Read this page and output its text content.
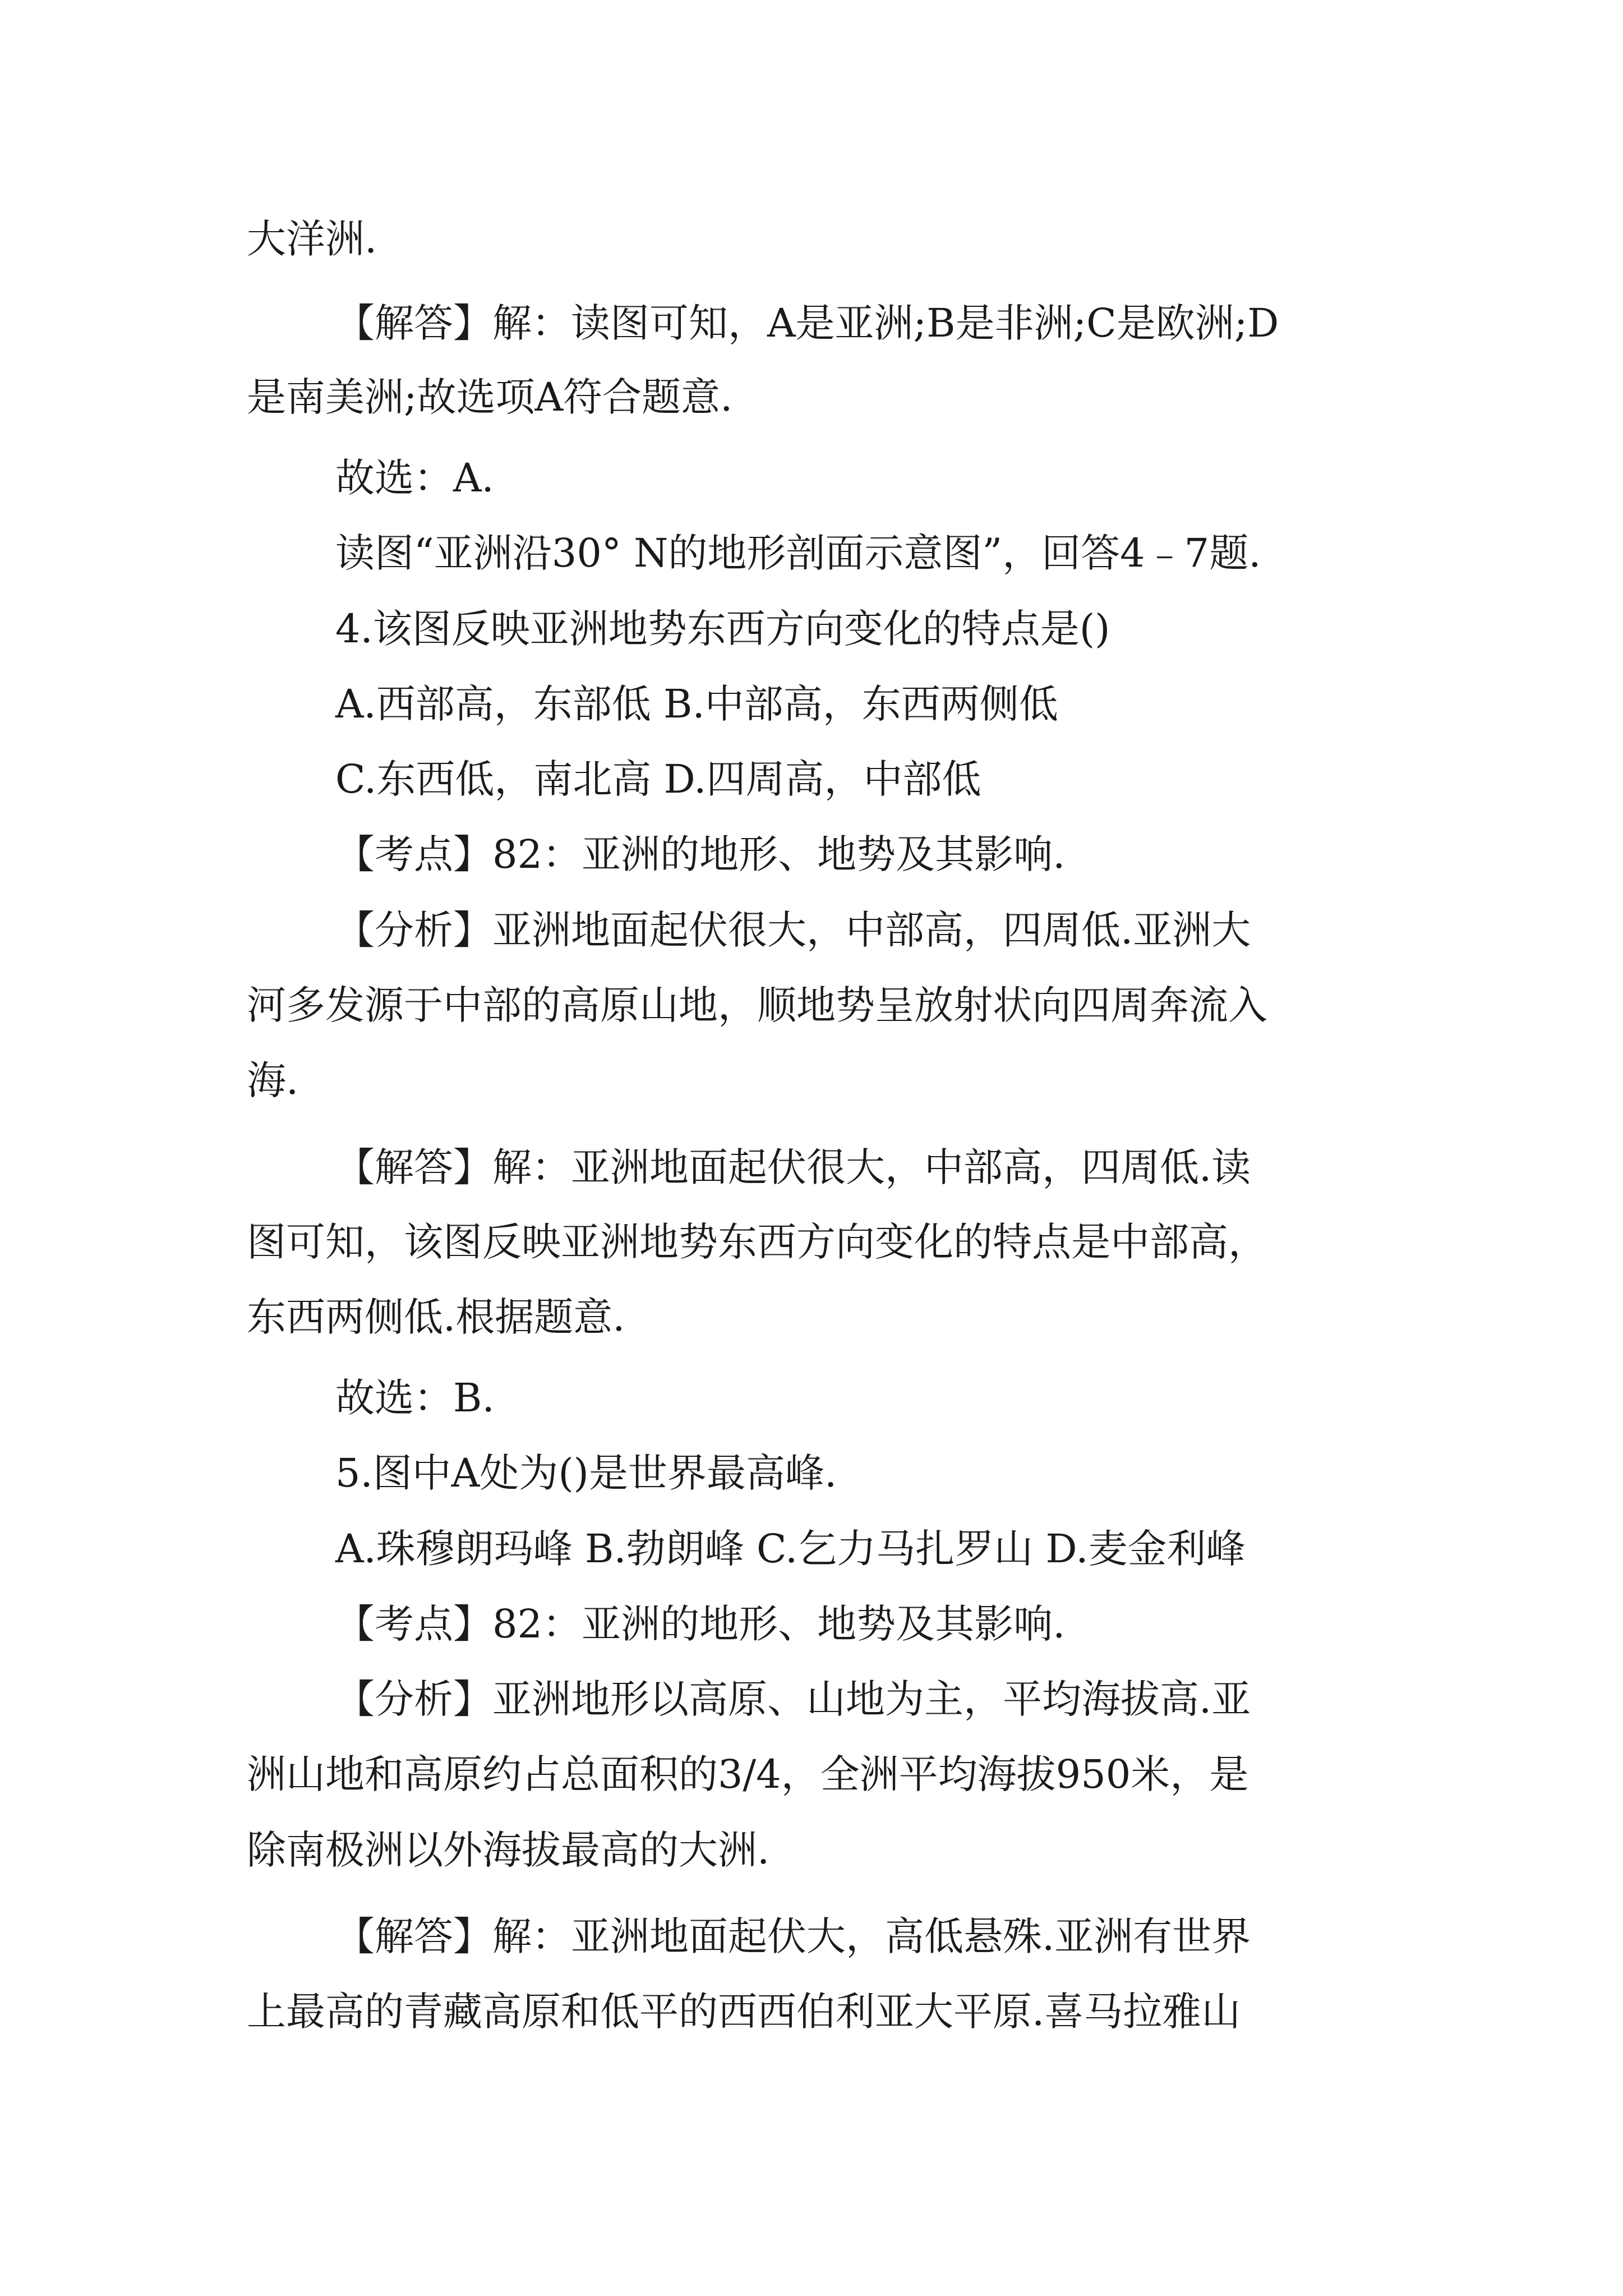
大洋洲.

【解答】解：读图可知，A是亚洲;B是非洲;C是欧洲;D

是南美洲;故选项A符合题意.

故选：A.

读图“亚洲沿30° N的地形剖面示意图”，回答4﹣7题.

4.该图反映亚洲地势东西方向变化的特点是()

A.西部高，东部低 B.中部高，东西两侧低

C.东西低，南北高 D.四周高，中部低

【考点】82：亚洲的地形、地势及其影响.

【分析】亚洲地面起伏很大，中部高，四周低.亚洲大

河多发源于中部的高原山地，顺地势呈放射状向四周奔流入

海.

【解答】解：亚洲地面起伏很大，中部高，四周低.读

图可知，该图反映亚洲地势东西方向变化的特点是中部高，

东西两侧低.根据题意.

故选：B.

5.图中A处为()是世界最高峰.

A.珠穆朗玛峰 B.勃朗峰 C.乞力马扎罗山 D.麦金利峰

【考点】82：亚洲的地形、地势及其影响.

【分析】亚洲地形以高原、山地为主，平均海拔高.亚

洲山地和高原约占总面积的3/4，全洲平均海拔950米，是

除南极洲以外海拔最高的大洲.

【解答】解：亚洲地面起伏大，高低悬殊.亚洲有世界

上最高的青藏高原和低平的西西伯利亚大平原.喜马拉雅山
